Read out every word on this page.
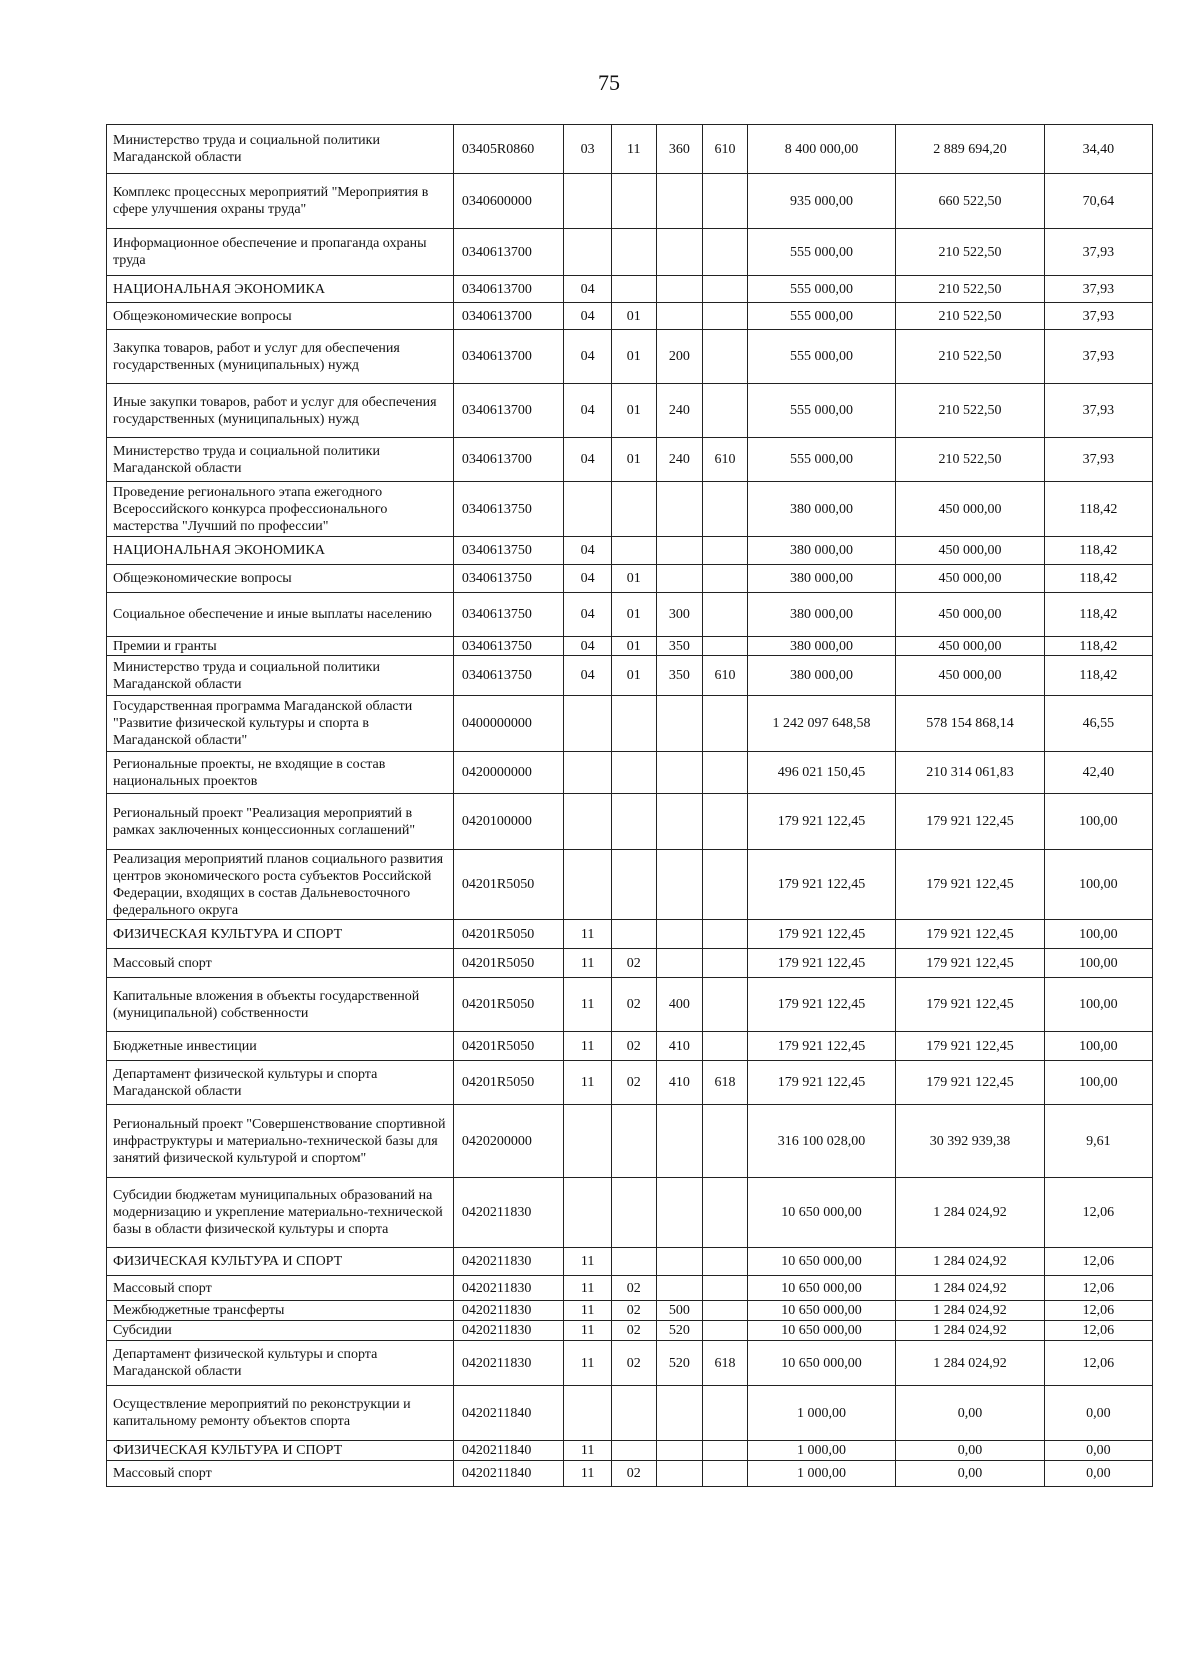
75
Министерство труда и социальной политики Магаданской области	03405R0860	03	11	360	610	8 400 000,00	2 889 694,20	34,40
Комплекс процессных мероприятий "Мероприятия в сфере улучшения охраны труда"	0340600000					935 000,00	660 522,50	70,64
Информационное обеспечение и пропаганда охраны труда	0340613700					555 000,00	210 522,50	37,93
НАЦИОНАЛЬНАЯ ЭКОНОМИКА	0340613700	04				555 000,00	210 522,50	37,93
Общеэкономические вопросы	0340613700	04	01			555 000,00	210 522,50	37,93
Закупка товаров, работ и услуг для обеспечения государственных (муниципальных) нужд	0340613700	04	01	200		555 000,00	210 522,50	37,93
Иные закупки товаров, работ и услуг для обеспечения государственных (муниципальных) нужд	0340613700	04	01	240		555 000,00	210 522,50	37,93
Министерство труда и социальной политики Магаданской области	0340613700	04	01	240	610	555 000,00	210 522,50	37,93
Проведение регионального этапа ежегодного Всероссийского конкурса профессионального мастерства "Лучший по профессии"	0340613750					380 000,00	450 000,00	118,42
НАЦИОНАЛЬНАЯ ЭКОНОМИКА	0340613750	04				380 000,00	450 000,00	118,42
Общеэкономические вопросы	0340613750	04	01			380 000,00	450 000,00	118,42
Социальное обеспечение и иные выплаты населению	0340613750	04	01	300		380 000,00	450 000,00	118,42
Премии и гранты	0340613750	04	01	350		380 000,00	450 000,00	118,42
Министерство труда и социальной политики Магаданской области	0340613750	04	01	350	610	380 000,00	450 000,00	118,42
Государственная программа Магаданской области "Развитие физической культуры и спорта в Магаданской области"	0400000000					1 242 097 648,58	578 154 868,14	46,55
Региональные проекты, не входящие в состав национальных проектов	0420000000					496 021 150,45	210 314 061,83	42,40
Региональный проект "Реализация мероприятий в рамках заключенных концессионных соглашений"	0420100000					179 921 122,45	179 921 122,45	100,00
Реализация мероприятий планов социального развития центров экономического роста субъектов Российской Федерации, входящих в состав Дальневосточного федерального округа	04201R5050					179 921 122,45	179 921 122,45	100,00
ФИЗИЧЕСКАЯ КУЛЬТУРА И СПОРТ	04201R5050	11				179 921 122,45	179 921 122,45	100,00
Массовый спорт	04201R5050	11	02			179 921 122,45	179 921 122,45	100,00
Капитальные вложения в объекты государственной (муниципальной) собственности	04201R5050	11	02	400		179 921 122,45	179 921 122,45	100,00
Бюджетные инвестиции	04201R5050	11	02	410		179 921 122,45	179 921 122,45	100,00
Департамент физической культуры и спорта Магаданской области	04201R5050	11	02	410	618	179 921 122,45	179 921 122,45	100,00
Региональный проект "Совершенствование спортивной инфраструктуры и материально-технической базы для занятий физической культурой и спортом"	0420200000					316 100 028,00	30 392 939,38	9,61
Субсидии бюджетам муниципальных образований на модернизацию и укрепление материально-технической базы в области физической культуры и спорта	0420211830					10 650 000,00	1 284 024,92	12,06
ФИЗИЧЕСКАЯ КУЛЬТУРА И СПОРТ	0420211830	11				10 650 000,00	1 284 024,92	12,06
Массовый спорт	0420211830	11	02			10 650 000,00	1 284 024,92	12,06
Межбюджетные трансферты	0420211830	11	02	500		10 650 000,00	1 284 024,92	12,06
Субсидии	0420211830	11	02	520		10 650 000,00	1 284 024,92	12,06
Департамент физической культуры и спорта Магаданской области	0420211830	11	02	520	618	10 650 000,00	1 284 024,92	12,06
Осуществление мероприятий по реконструкции и капитальному ремонту объектов спорта	0420211840					1 000,00	0,00	0,00
ФИЗИЧЕСКАЯ КУЛЬТУРА И СПОРТ	0420211840	11				1 000,00	0,00	0,00
Массовый спорт	0420211840	11	02			1 000,00	0,00	0,00
